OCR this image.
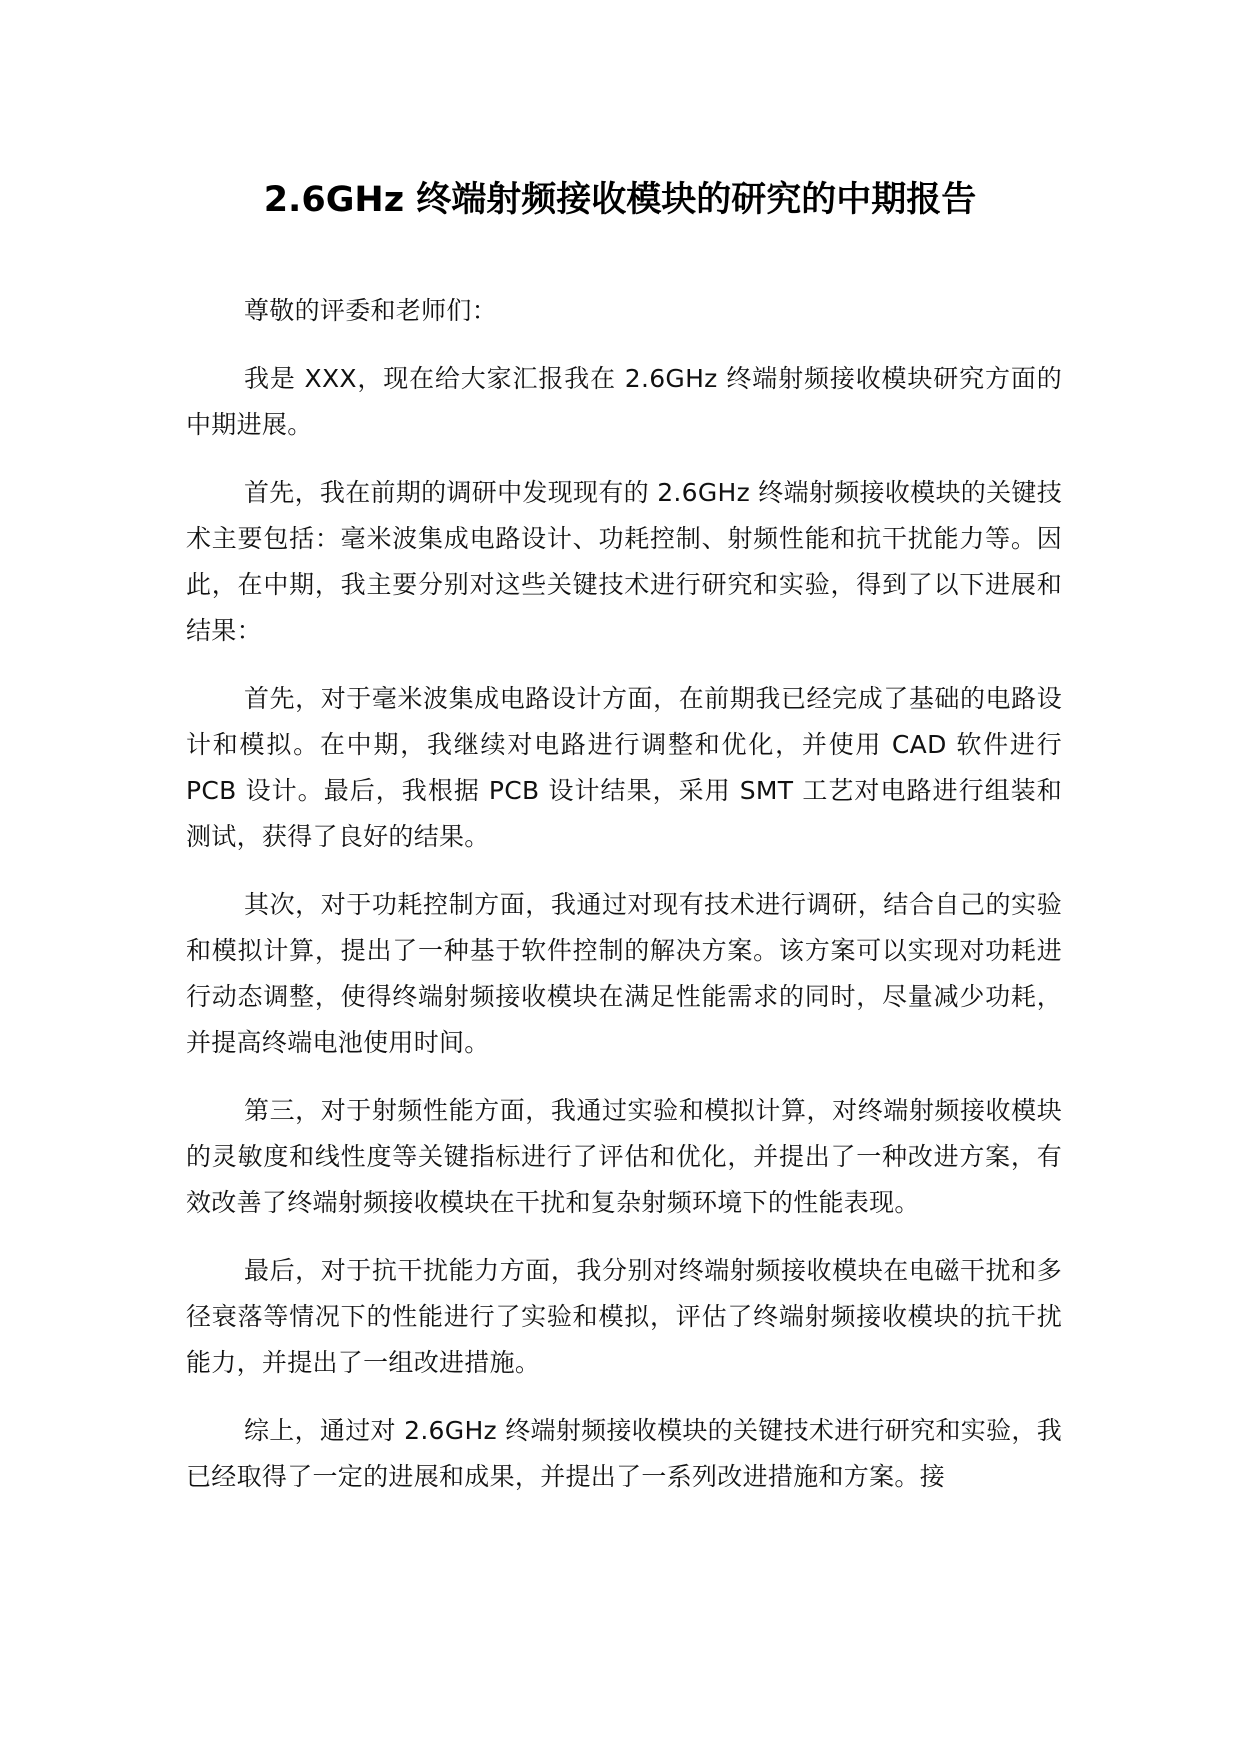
2.6GHz 终端射频接收模块的研究的中期报告

尊敬的评委和老师们：

我是 XXX，现在给大家汇报我在 2.6GHz 终端射频接收模块研究方面的中期进展。

首先，我在前期的调研中发现现有的 2.6GHz 终端射频接收模块的关键技术主要包括：毫米波集成电路设计、功耗控制、射频性能和抗干扰能力等。因此，在中期，我主要分别对这些关键技术进行研究和实验，得到了以下进展和结果：

首先，对于毫米波集成电路设计方面，在前期我已经完成了基础的电路设计和模拟。在中期，我继续对电路进行调整和优化，并使用 CAD 软件进行 PCB 设计。最后，我根据 PCB 设计结果，采用 SMT 工艺对电路进行组装和测试，获得了良好的结果。

其次，对于功耗控制方面，我通过对现有技术进行调研，结合自己的实验和模拟计算，提出了一种基于软件控制的解决方案。该方案可以实现对功耗进行动态调整，使得终端射频接收模块在满足性能需求的同时，尽量减少功耗，并提高终端电池使用时间。

第三，对于射频性能方面，我通过实验和模拟计算，对终端射频接收模块的灵敏度和线性度等关键指标进行了评估和优化，并提出了一种改进方案，有效改善了终端射频接收模块在干扰和复杂射频环境下的性能表现。

最后，对于抗干扰能力方面，我分别对终端射频接收模块在电磁干扰和多径衰落等情况下的性能进行了实验和模拟，评估了终端射频接收模块的抗干扰能力，并提出了一组改进措施。

综上，通过对 2.6GHz 终端射频接收模块的关键技术进行研究和实验，我已经取得了一定的进展和成果，并提出了一系列改进措施和方案。接
